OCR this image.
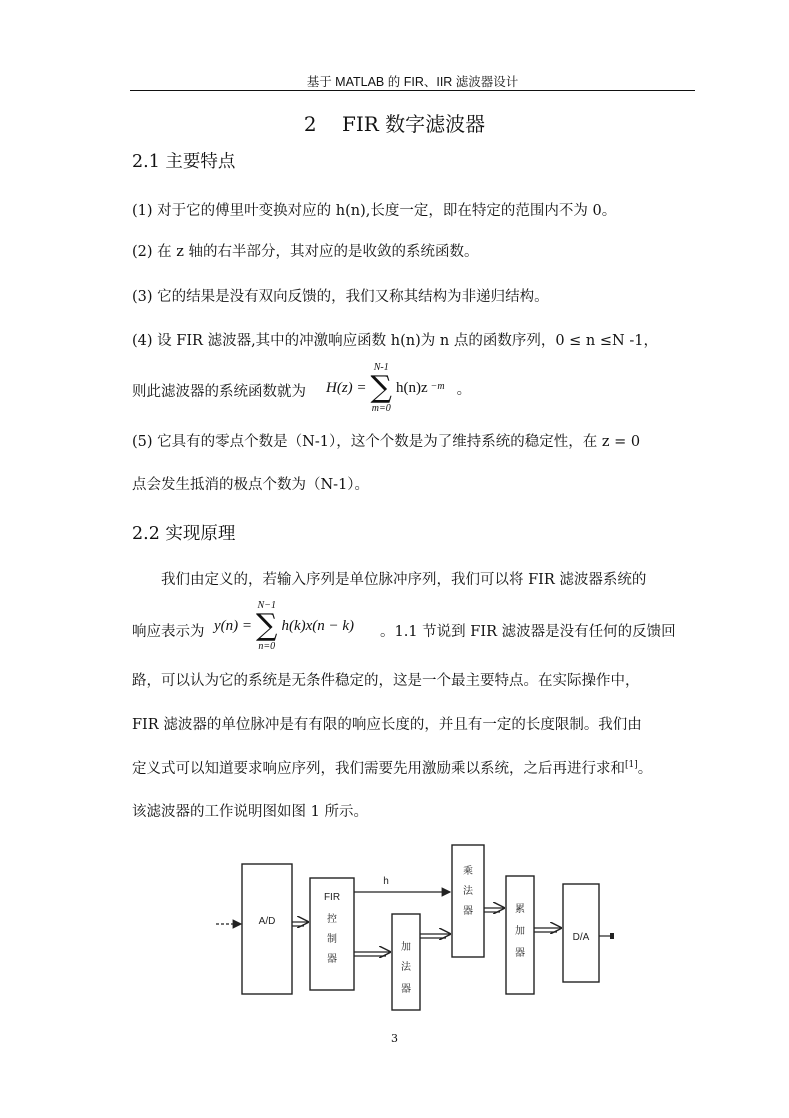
基于 MATLAB 的 FIR、IIR 滤波器设计
2 FIR 数字滤波器
2.1 主要特点
(1) 对于它的傅里叶变换对应的 h(n),长度一定，即在特定的范围内不为 0。
(2) 在 z 轴的右半部分，其对应的是收敛的系统函数。
(3) 它的结果是没有双向反馈的，我们又称其结构为非递归结构。
(4) 设 FIR 滤波器,其中的冲激响应函数 h(n)为 n 点的函数序列，0 ≤ n ≤N -1，
则此滤波器的系统函数就为 H(z) =
N-1
∑
m=0
h(n)z $^{-m}$ 。
(5) 它具有的零点个数是（N-1），这个个数是为了维持系统的稳定性，在 z = 0
点会发生抵消的极点个数为（N-1）。
2.2 实现原理
我们由定义的，若输入序列是单位脉冲序列，我们可以将 FIR 滤波器系统的
响应表示为 y(n) =
N−1
∑
n=0
h(k)x(n − k) 。1.1 节说到 FIR 滤波器是没有任何的反馈回
路，可以认为它的系统是无条件稳定的，这是一个最主要特点。在实际操作中，
FIR 滤波器的单位脉冲是有有限的响应长度的，并且有一定的长度限制。我们由
定义式可以知道要求响应序列，我们需要先用激励乘以系统，之后再进行求和[1]。
该滤波器的工作说明图如图 1 所示。
A/D
FIR
控
制
器
加
法
器
乘
法
器	累
加
器
D/A
h
3
